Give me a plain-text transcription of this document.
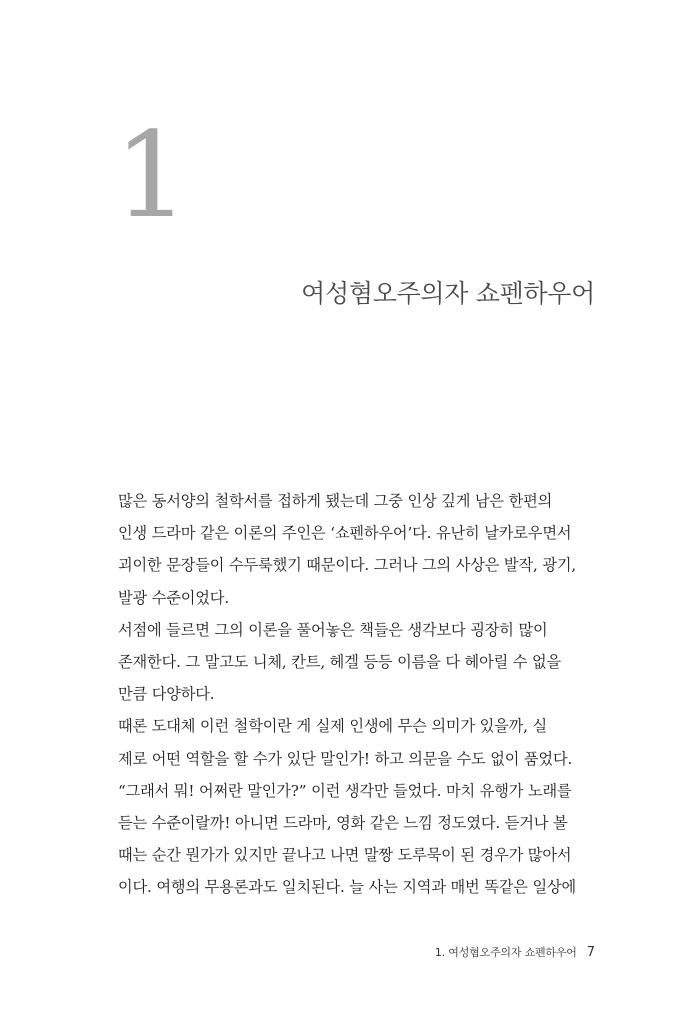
1
여성혐오주의자 쇼펜하우어
많은 동서양의 철학서를 접하게 됐는데 그중 인상 깊게 남은 한편의
인생 드라마 같은 이론의 주인은 ‘쇼펜하우어’다. 유난히 날카로우면서
괴이한 문장들이 수두룩했기 때문이다. 그러나 그의 사상은 발작, 광기,
발광 수준이었다.
서점에 들르면 그의 이론을 풀어놓은 책들은 생각보다 굉장히 많이
존재한다. 그 말고도 니체, 칸트, 헤겔 등등 이름을 다 헤아릴 수 없을
만큼 다양하다.
때론 도대체 이런 철학이란 게 실제 인생에 무슨 의미가 있을까, 실
제로 어떤 역할을 할 수가 있단 말인가! 하고 의문을 수도 없이 품었다.
“그래서 뭐! 어쩌란 말인가?” 이런 생각만 들었다. 마치 유행가 노래를
듣는 수준이랄까! 아니면 드라마, 영화 같은 느낌 정도였다. 듣거나 볼
때는 순간 뭔가가 있지만 끝나고 나면 말짱 도루묵이 된 경우가 많아서
이다. 여행의 무용론과도 일치된다. 늘 사는 지역과 매번 똑같은 일상에
1. 여성혐오주의자 쇼펜하우어 7
